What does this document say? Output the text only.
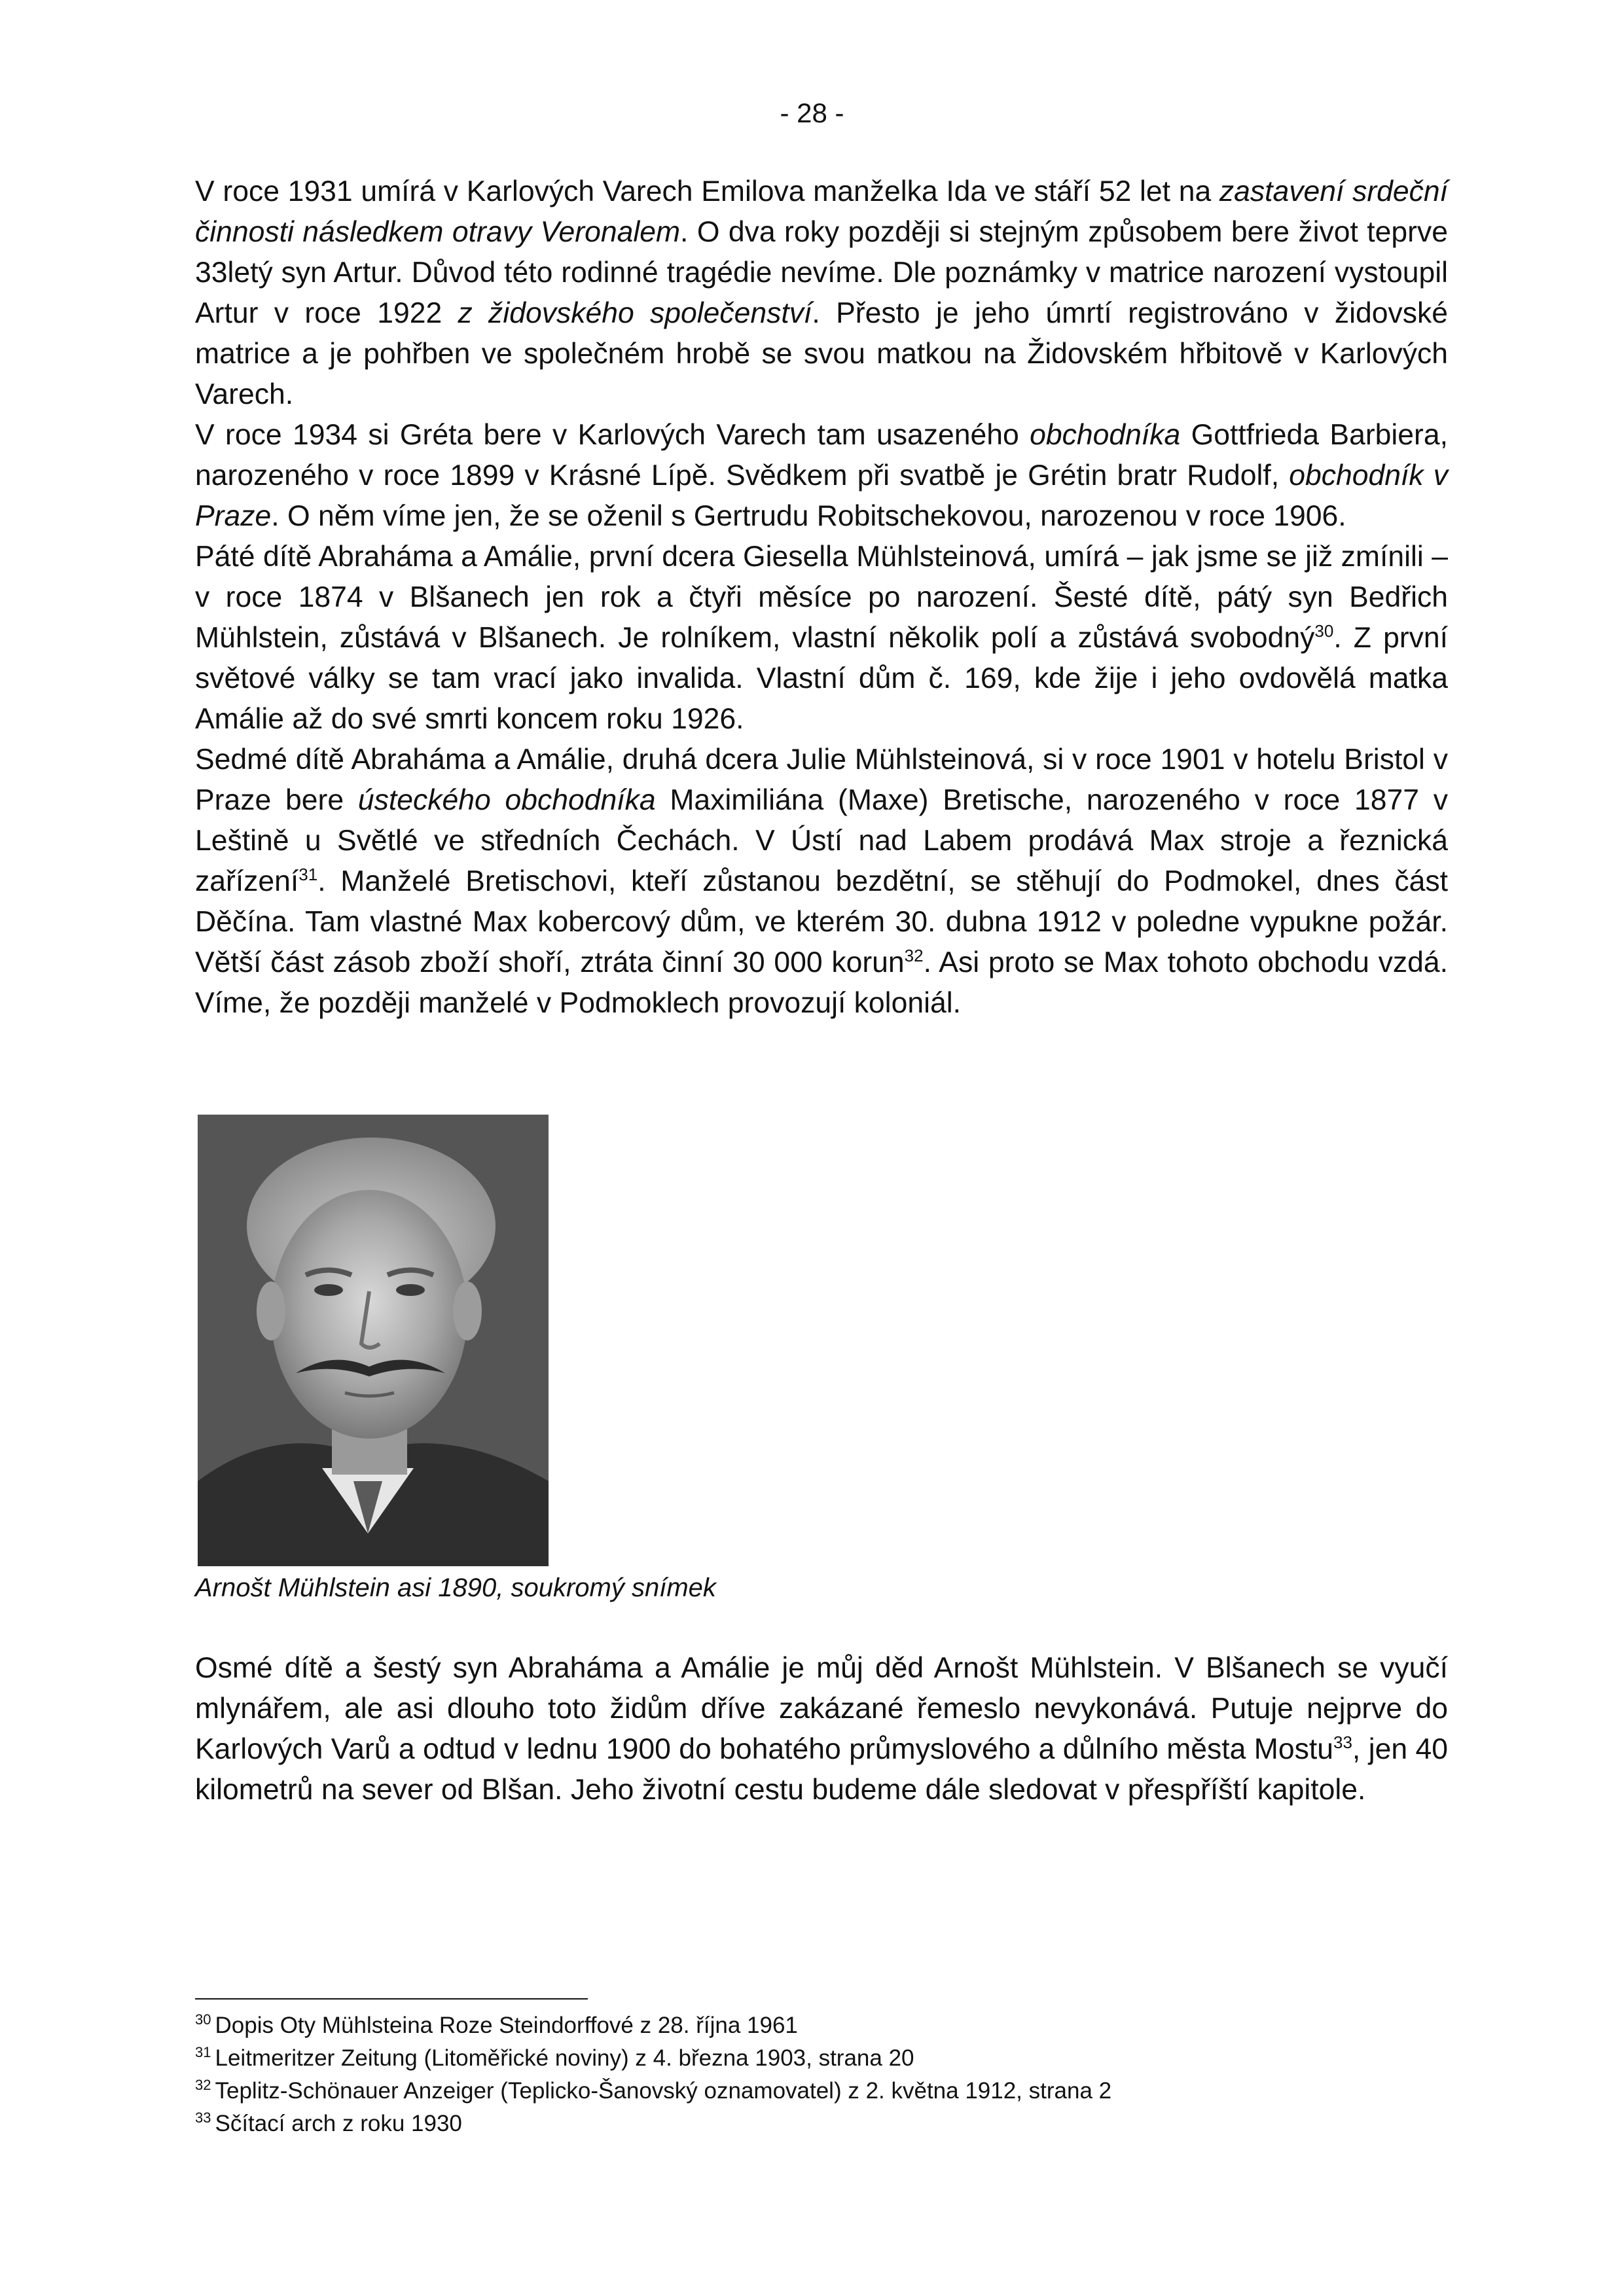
- 28 -

V roce 1931 umírá v Karlových Varech Emilova manželka Ida ve stáří 52 let na zastavení srdeční činnosti následkem otravy Veronalem. O dva roky později si stejným způsobem bere život teprve 33letý syn Artur. Důvod této rodinné tragédie nevíme. Dle poznámky v matrice narození vystoupil Artur v roce 1922 z židovského společenství. Přesto je jeho úmrtí registrováno v židovské matrice a je pohřben ve společném hrobě se svou matkou na Židovském hřbitově v Karlových Varech.

V roce 1934 si Gréta bere v Karlových Varech tam usazeného obchodníka Gottfrieda Barbiera, narozeného v roce 1899 v Krásné Lípě. Svědkem při svatbě je Grétin bratr Rudolf, obchodník v Praze. O něm víme jen, že se oženil s Gertrudu Robitschekovou, narozenou v roce 1906.

Páté dítě Abraháma a Amálie, první dcera Giesella Mühlsteinová, umírá – jak jsme se již zmínili – v roce 1874 v Blšanech jen rok a čtyři měsíce po narození. Šesté dítě, pátý syn Bedřich Mühlstein, zůstává v Blšanech. Je rolníkem, vlastní několik polí a zůstává svobodný$^{30}$. Z první světové války se tam vrací jako invalida. Vlastní dům č. 169, kde žije i jeho ovdovělá matka Amálie až do své smrti koncem roku 1926.

Sedmé dítě Abraháma a Amálie, druhá dcera Julie Mühlsteinová, si v roce 1901 v hotelu Bristol v Praze bere ústeckého obchodníka Maximiliána (Maxe) Bretische, narozeného v roce 1877 v Leštině u Světlé ve středních Čechách. V Ústí nad Labem prodává Max stroje a řeznická zařízení$^{31}$. Manželé Bretischovi, kteří zůstanou bezdětní, se stěhují do Podmokel, dnes část Děčína. Tam vlastné Max kobercový dům, ve kterém 30. dubna 1912 v poledne vypukne požár. Větší část zásob zboží shoří, ztráta činní 30 000 korun$^{32}$. Asi proto se Max tohoto obchodu vzdá. Víme, že později manželé v Podmoklech provozují koloniál.

Arnošt Mühlstein asi 1890, soukromý snímek

Osmé dítě a šestý syn Abraháma a Amálie je můj děd Arnošt Mühlstein. V Blšanech se vyučí mlynářem, ale asi dlouho toto židům dříve zakázané řemeslo nevykonává. Putuje nejprve do Karlových Varů a odtud v lednu 1900 do bohatého průmyslového a důlního města Mostu$^{33}$, jen 40 kilometrů na sever od Blšan. Jeho životní cestu budeme dále sledovat v přespříští kapitole.

$^{30}$ Dopis Oty Mühlsteina Roze Steindorffové z 28. října 1961
$^{31}$ Leitmeritzer Zeitung (Litoměřické noviny) z 4. března 1903, strana 20
$^{32}$ Teplitz-Schönauer Anzeiger (Teplicko-Šanovský oznamovatel) z 2. května 1912, strana 2
$^{33}$ Sčítací arch z roku 1930
